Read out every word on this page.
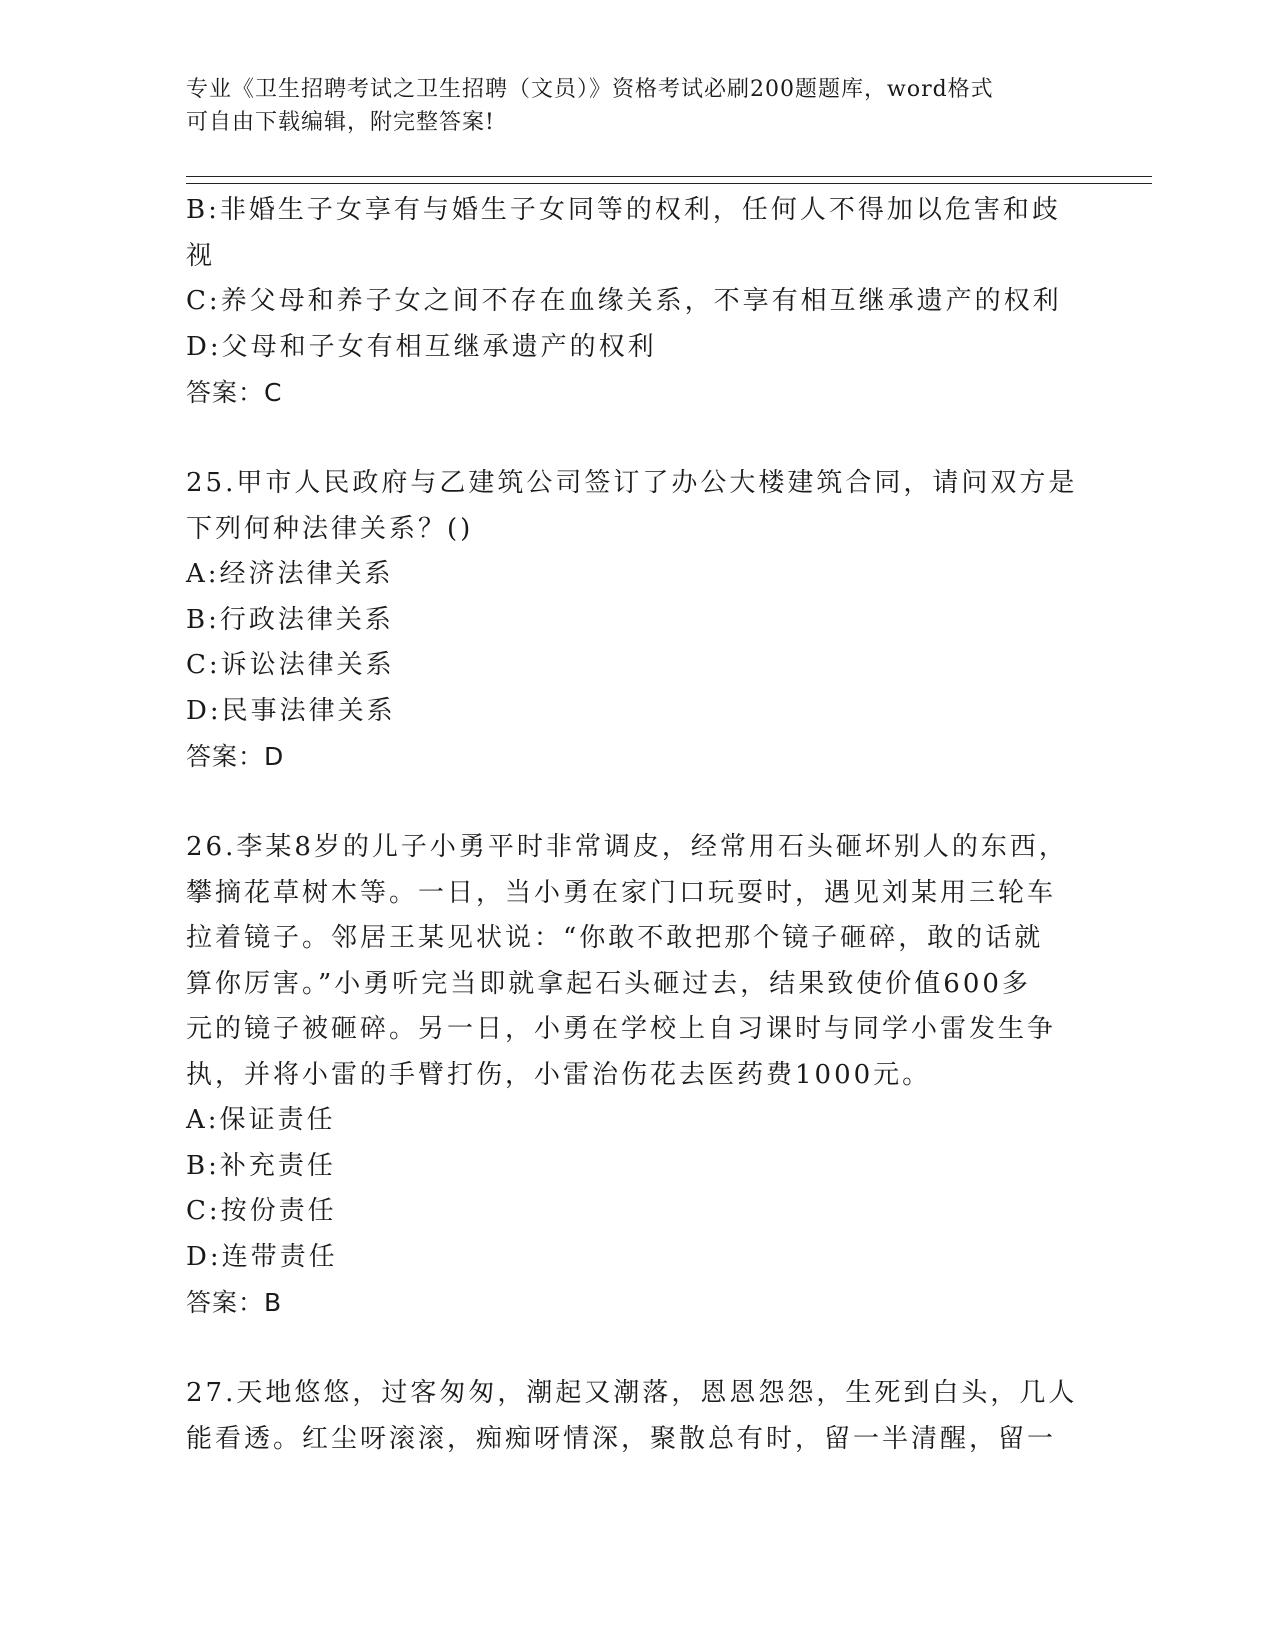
专业《卫生招聘考试之卫生招聘（文员）》资格考试必刷200题题库，word格式
可自由下载编辑，附完整答案!
B:非婚生子女享有与婚生子女同等的权利，任何人不得加以危害和歧
视
C:养父母和养子女之间不存在血缘关系，不享有相互继承遗产的权利
D:父母和子女有相互继承遗产的权利
答案：C
25.甲市人民政府与乙建筑公司签订了办公大楼建筑合同，请问双方是
下列何种法律关系？()
A:经济法律关系
B:行政法律关系
C:诉讼法律关系
D:民事法律关系
答案：D
26.李某8岁的儿子小勇平时非常调皮，经常用石头砸坏别人的东西，
攀摘花草树木等。一日，当小勇在家门口玩耍时，遇见刘某用三轮车
拉着镜子。邻居王某见状说：“你敢不敢把那个镜子砸碎，敢的话就
算你厉害。”小勇听完当即就拿起石头砸过去，结果致使价值600多
元的镜子被砸碎。另一日，小勇在学校上自习课时与同学小雷发生争
执，并将小雷的手臂打伤，小雷治伤花去医药费1000元。
A:保证责任
B:补充责任
C:按份责任
D:连带责任
答案：B
27.天地悠悠，过客匆匆，潮起又潮落，恩恩怨怨，生死到白头，几人
能看透。红尘呀滚滚，痴痴呀情深，聚散总有时，留一半清醒，留一
